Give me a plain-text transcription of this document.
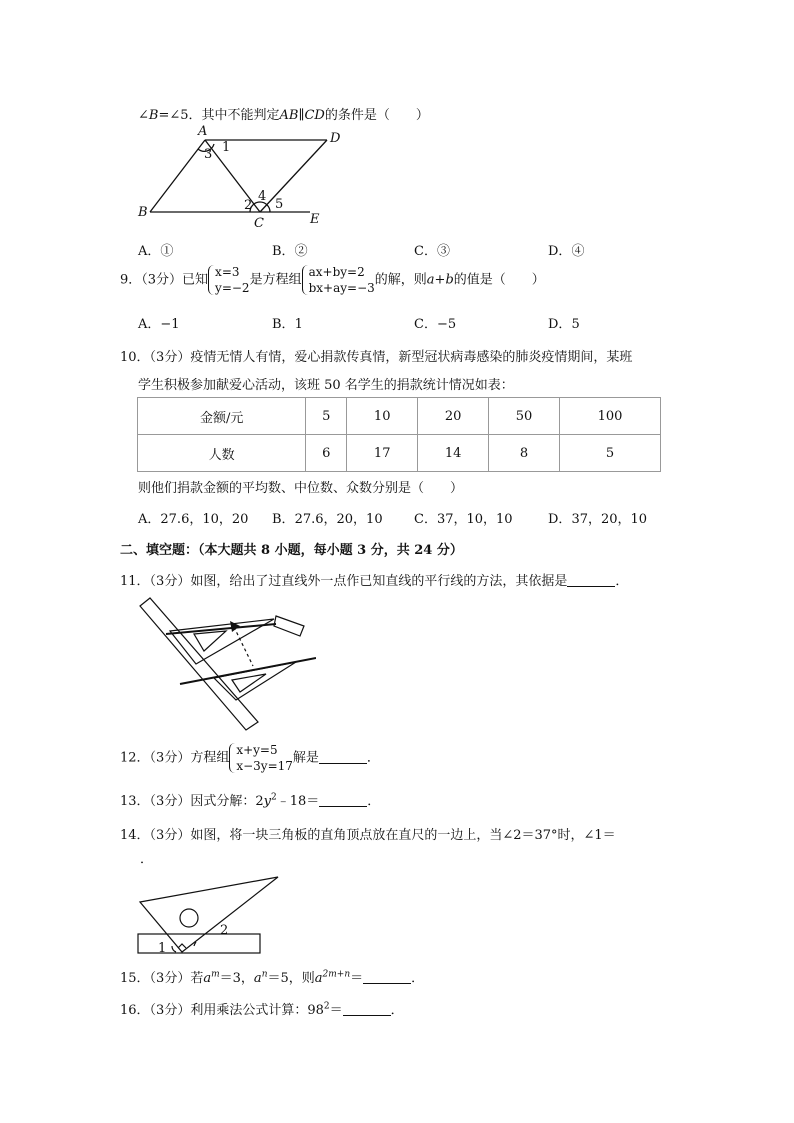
∠B=∠5．其中不能判定AB∥CD的条件是（　　）
A	D
B
C	E
1
2
3
4
5
A．①	B．②	C．③	D．④
9．（3分）已知
x=3
y=−2
是方程组
ax+by=2
bx+ay=−3
的解，则a+b的值是（　　）
A．−1	B．1	C．−5	D．5
10．（3分）疫情无情人有情，爱心捐款传真情，新型冠状病毒感染的肺炎疫情期间，某班
学生积极参加献爱心活动，该班 50 名学生的捐款统计情况如表：
金额/元	5	10	20	50	100
人数	6	17	14	8	5
则他们捐款金额的平均数、中位数、众数分别是（　　）
A．27.6，10，20 B．27.6，20，10 C．37，10，10	D．37，20，10
二、填空题：（本大题共 8 小题，每小题 3 分，共 24 分）
11．（3分）如图，给出了过直线外一点作已知直线的平行线的方法，其依据是	．
12．（3分）方程组
x+y=5
x−3y=17
解是	．
13．（3分）因式分解：$2y^2﹣18=$	．
14．（3分）如图，将一块三角板的直角顶点放在直尺的一边上，当∠2＝37°时，∠1＝
．
1
2
15．（3分）若$a^m=3$，$a^n=5$，则$a^{2m+n}=$	．
16．（3分）利用乘法公式计算：$98^2=$	．
